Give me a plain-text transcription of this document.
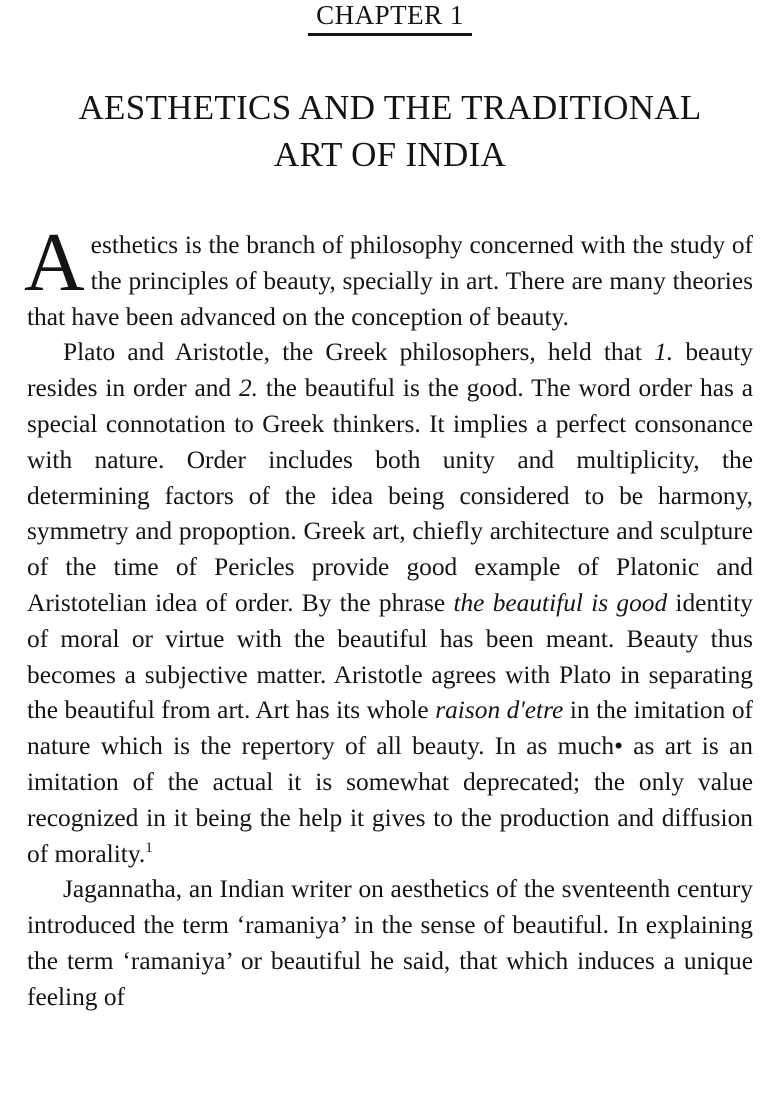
CHAPTER 1
AESTHETICS AND THE TRADITIONAL
ART OF INDIA

Aesthetics is the branch of philosophy concerned with the study of the principles of beauty, specially in art. There are many theories that have been advanced on the conception of beauty.

Plato and Aristotle, the Greek philosophers, held that 1. beauty resides in order and 2. the beautiful is the good. The word order has a special connotation to Greek thinkers. It implies a perfect consonance with nature. Order includes both unity and multiplicity, the determining factors of the idea being considered to be harmony, symmetry and propoption. Greek art, chiefly architecture and sculpture of the time of Pericles provide good example of Platonic and Aristotelian idea of order. By the phrase the beautiful is good identity of moral or virtue with the beautiful has been meant. Beauty thus becomes a subjective matter. Aristotle agrees with Plato in separating the beautiful from art. Art has its whole raison d'etre in the imitation of nature which is the repertory of all beauty. In as much• as art is an imitation of the actual it is somewhat deprecated; the only value recognized in it being the help it gives to the production and diffusion of morality.$^1$

Jagannatha, an Indian writer on aesthetics of the sventeenth century introduced the term ‘ramaniya’ in the sense of beautiful. In explaining the term ‘ramaniya’ or beautiful he said, that which induces a unique feeling of
